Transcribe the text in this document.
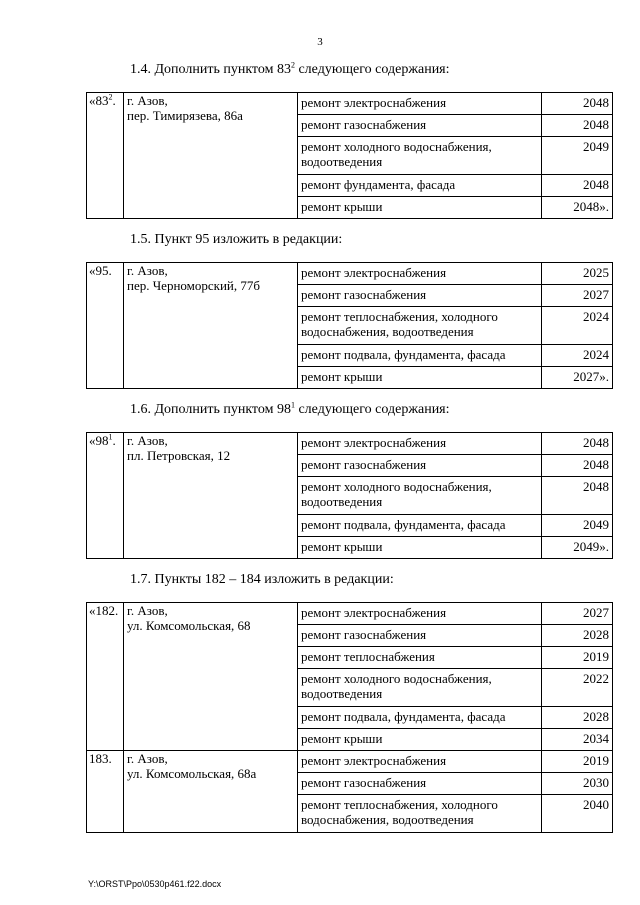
3
1.4. Дополнить пунктом $83^2$ следующего содержания:
«$83^2$.	г. Азов,
пер. Тимирязева, 86а	ремонт электроснабжения	2048
		ремонт газоснабжения	2048
		ремонт холодного водоснабжения, водоотведения	2049
		ремонт фундамента, фасада	2048
		ремонт крыши	2048».
1.5. Пункт 95 изложить в редакции:
«95.	г. Азов,
пер. Черноморский, 77б	ремонт электроснабжения	2025
		ремонт газоснабжения	2027
		ремонт теплоснабжения, холодного водоснабжения, водоотведения	2024
		ремонт подвала, фундамента, фасада	2024
		ремонт крыши	2027».
1.6. Дополнить пунктом $98^1$ следующего содержания:
«$98^1$.	г. Азов,
пл. Петровская, 12	ремонт электроснабжения	2048
		ремонт газоснабжения	2048
		ремонт холодного водоснабжения, водоотведения	2048
		ремонт подвала, фундамента, фасада	2049
		ремонт крыши	2049».
1.7. Пункты 182 – 184 изложить в редакции:
«182.	г. Азов,
ул. Комсомольская, 68	ремонт электроснабжения	2027
		ремонт газоснабжения	2028
		ремонт теплоснабжения	2019
		ремонт холодного водоснабжения, водоотведения	2022
		ремонт подвала, фундамента, фасада	2028
		ремонт крыши	2034
183.	г. Азов,
ул. Комсомольская, 68а	ремонт электроснабжения	2019
		ремонт газоснабжения	2030
		ремонт теплоснабжения, холодного водоснабжения, водоотведения	2040
Y:\ORST\Ppo\0530p461.f22.docx
